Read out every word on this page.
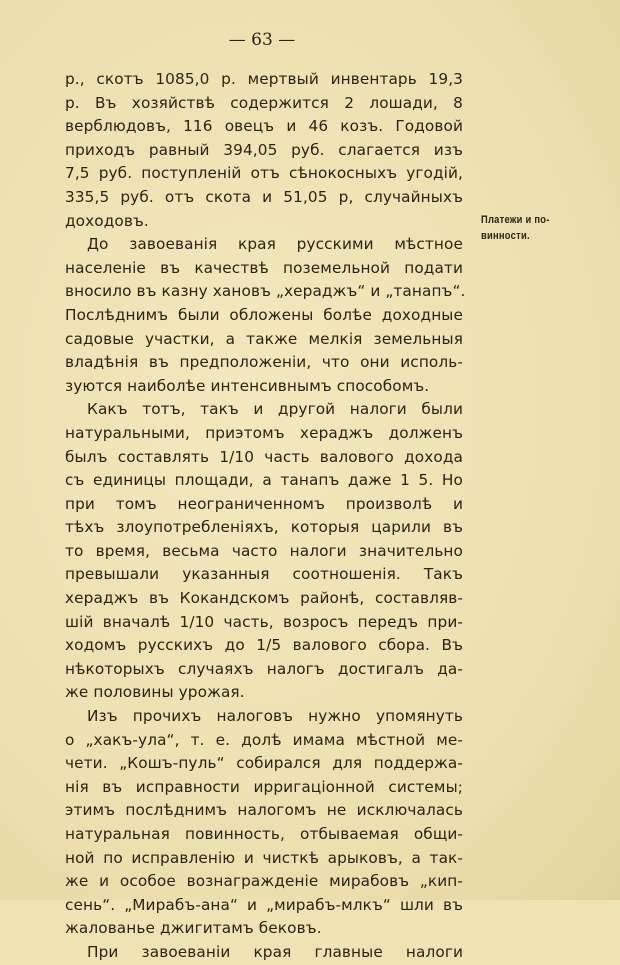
— 63 —
р., скотъ 1085,0 р. мертвый инвентарь 19,3
р. Въ хозяйствѣ содержится 2 лошади, 8
верблюдовъ, 116 овецъ и 46 козъ. Годовой
приходъ равный 394,05 руб. слагается изъ
7,5 руб. поступленій отъ сѣнокосныхъ угодій,
335,5 руб. отъ скота и 51,05 р, случайныхъ
доходовъ.
До завоеванія края русскими мѣстное
населеніе въ качествѣ поземельной подати
вносило въ казну хановъ „хераджъ“ и „танапъ“.
Послѣднимъ были обложены болѣе доходные
садовые участки, а также мелкія земельныя
владѣнія въ предположеніи, что они исполь-
зуются наиболѣе интенсивнымъ способомъ.
Какъ тотъ, такъ и другой налоги были
натуральными, приэтомъ хераджъ долженъ
былъ составлять 1/10 часть валового дохода
съ единицы площади, а танапъ даже 1 5. Но
при томъ неограниченномъ произволѣ и
тѣхъ злоупотребленіяхъ, которыя царили въ
то время, весьма часто налоги значительно
превышали указанныя соотношенія. Такъ
хераджъ въ Кокандскомъ районѣ, составляв-
шій вначалѣ 1/10 часть, возросъ передъ при-
ходомъ русскихъ до 1/5 валового сбора. Въ
нѣкоторыхъ случаяхъ налогъ достигалъ да-
же половины урожая.
Изъ прочихъ налоговъ нужно упомянуть
о „хакъ-ула“, т. е. долѣ имама мѣстной ме-
чети. „Кошъ-пуль“ собирался для поддержа-
нія въ исправности ирригаціонной системы;
этимъ послѣднимъ налогомъ не исключалась
натуральная повинность, отбываемая общи-
ной по исправленію и чисткѣ арыковъ, а так-
же и особое вознагражденіе мирабовъ „кип-
сень“. „Мирабъ-ана“ и „мирабъ-млкъ“ шли въ
жалованье джигитамъ бековъ.
При завоеваніи края главные налоги
Платежи и по-
винности.
